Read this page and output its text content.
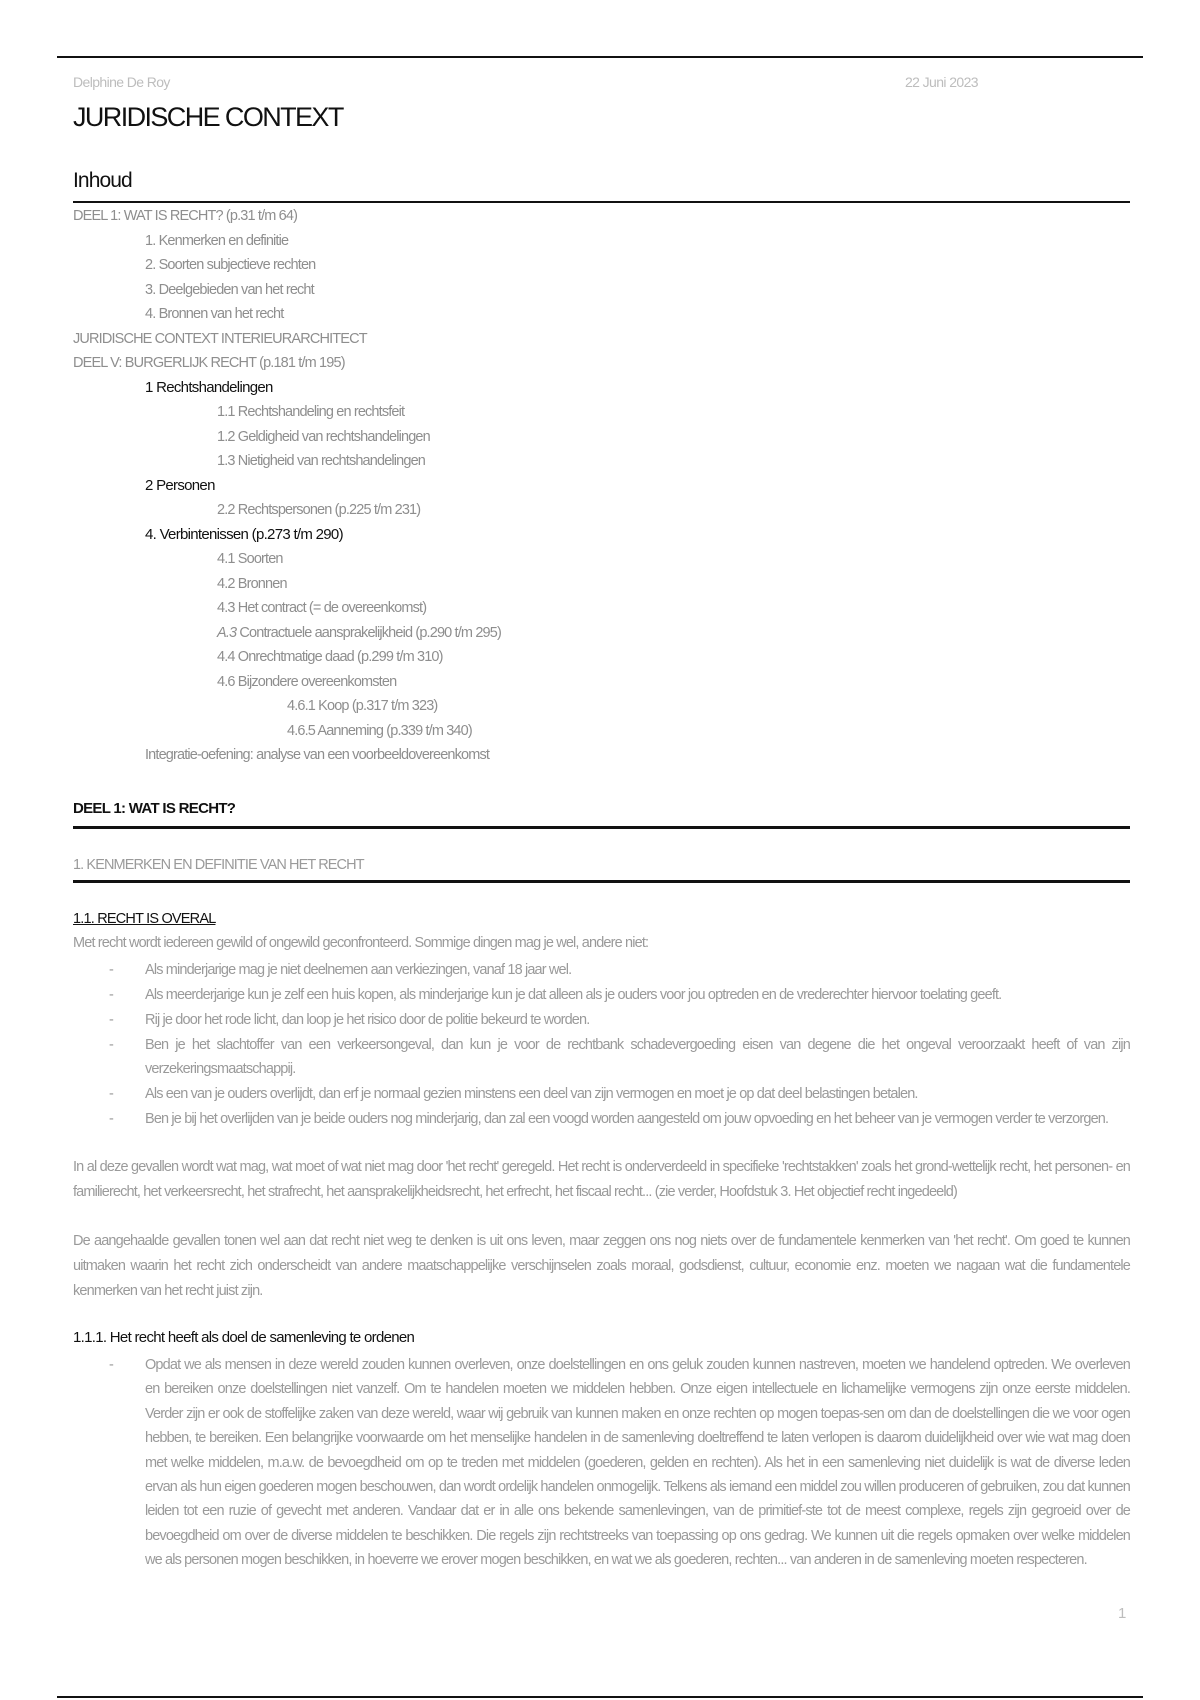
Delphine De Roy	22 Juni 2023
JURIDISCHE CONTEXT
Inhoud
DEEL 1: WAT IS RECHT? (p.31 t/m 64)
1. Kenmerken en definitie
2. Soorten subjectieve rechten
3. Deelgebieden van het recht
4. Bronnen van het recht
JURIDISCHE CONTEXT INTERIEURARCHITECT
DEEL V: BURGERLIJK RECHT (p.181 t/m 195)
1 Rechtshandelingen
1.1 Rechtshandeling en rechtsfeit
1.2 Geldigheid van rechtshandelingen
1.3 Nietigheid van rechtshandelingen
2 Personen
2.2 Rechtspersonen (p.225 t/m 231)
4. Verbintenissen (p.273 t/m 290)
4.1 Soorten
4.2 Bronnen
4.3 Het contract (= de overeenkomst)
A.3 Contractuele aansprakelijkheid (p.290 t/m 295)
4.4 Onrechtmatige daad (p.299 t/m 310)
4.6 Bijzondere overeenkomsten
4.6.1 Koop (p.317 t/m 323)
4.6.5 Aanneming (p.339 t/m 340)
Integratie-oefening: analyse van een voorbeeldovereenkomst
DEEL 1: WAT IS RECHT?
1. KENMERKEN EN DEFINITIE VAN HET RECHT
1.1. RECHT IS OVERAL
Met recht wordt iedereen gewild of ongewild geconfronteerd. Sommige dingen mag je wel, andere niet:
- Als minderjarige mag je niet deelnemen aan verkiezingen, vanaf 18 jaar wel.
- Als meerderjarige kun je zelf een huis kopen, als minderjarige kun je dat alleen als je ouders voor jou optreden en de vrederechter hiervoor toelating geeft.
- Rij je door het rode licht, dan loop je het risico door de politie bekeurd te worden.
- Ben je het slachtoffer van een verkeersongeval, dan kun je voor de rechtbank schadevergoeding eisen van degene die het ongeval veroorzaakt heeft of van zijn verzekeringsmaatschappij.
- Als een van je ouders overlijdt, dan erf je normaal gezien minstens een deel van zijn vermogen en moet je op dat deel belastingen betalen.
- Ben je bij het overlijden van je beide ouders nog minderjarig, dan zal een voogd worden aangesteld om jouw opvoeding en het beheer van je vermogen verder te verzorgen.
In al deze gevallen wordt wat mag, wat moet of wat niet mag door 'het recht' geregeld. Het recht is onderverdeeld in specifieke 'rechtstakken' zoals het grond-wettelijk recht, het personen- en familierecht, het verkeersrecht, het strafrecht, het aansprakelijkheidsrecht, het erfrecht, het fiscaal recht... (zie verder, Hoofdstuk 3. Het objectief recht ingedeeld)
De aangehaalde gevallen tonen wel aan dat recht niet weg te denken is uit ons leven, maar zeggen ons nog niets over de fundamentele kenmerken van 'het recht'. Om goed te kunnen uitmaken waarin het recht zich onderscheidt van andere maatschappelijke verschijnselen zoals moraal, godsdienst, cultuur, economie enz. moeten we nagaan wat die fundamentele kenmerken van het recht juist zijn.
1.1.1. Het recht heeft als doel de samenleving te ordenen
- Opdat we als mensen in deze wereld zouden kunnen overleven, onze doelstellingen en ons geluk zouden kunnen nastreven, moeten we handelend optreden. We overleven en bereiken onze doelstellingen niet vanzelf. Om te handelen moeten we middelen hebben. Onze eigen intellectuele en lichamelijke vermogens zijn onze eerste middelen. Verder zijn er ook de stoffelijke zaken van deze wereld, waar wij gebruik van kunnen maken en onze rechten op mogen toepas-sen om dan de doelstellingen die we voor ogen hebben, te bereiken. Een belangrijke voorwaarde om het menselijke handelen in de samenleving doeltreffend te laten verlopen is daarom duidelijkheid over wie wat mag doen met welke middelen, m.a.w. de bevoegdheid om op te treden met middelen (goederen, gelden en rechten). Als het in een samenleving niet duidelijk is wat de diverse leden ervan als hun eigen goederen mogen beschouwen, dan wordt ordelijk handelen onmogelijk. Telkens als iemand een middel zou willen produceren of gebruiken, zou dat kunnen leiden tot een ruzie of gevecht met anderen. Vandaar dat er in alle ons bekende samenlevingen, van de primitief-ste tot de meest complexe, regels zijn gegroeid over de bevoegdheid om over de diverse middelen te beschikken. Die regels zijn rechtstreeks van toepassing op ons gedrag. We kunnen uit die regels opmaken over welke middelen we als personen mogen beschikken, in hoeverre we erover mogen beschikken, en wat we als goederen, rechten... van anderen in de samenleving moeten respecteren.
1
